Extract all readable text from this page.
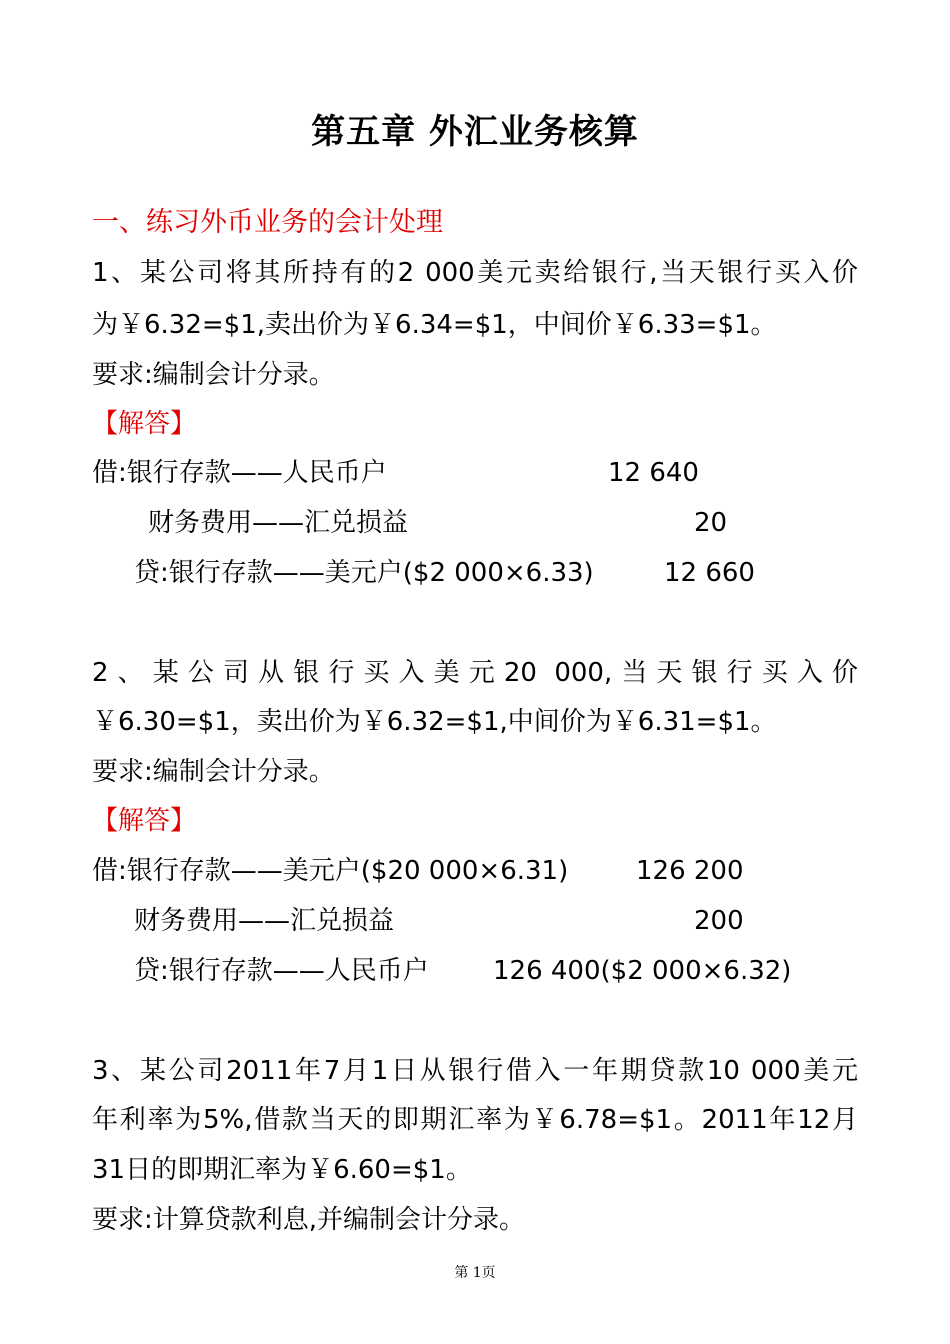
第五章 外汇业务核算
一、练习外币业务的会计处理
1、某公司将其所持有的2 000美元卖给银行,当天银行买入价
为￥6.32=$1,卖出价为￥6.34=$1，中间价￥6.33=$1。
要求:编制会计分录。
【解答】
借:银行存款——人民币户	12 640
财务费用——汇兑损益	20
贷:银行存款——美元户($2 000×6.33)	12 660
2、某公司从银行买入美元20 000,当天银行买入价
￥6.30=$1，卖出价为￥6.32=$1,中间价为￥6.31=$1。
要求:编制会计分录。
【解答】
借:银行存款——美元户($20 000×6.31)	126 200
财务费用——汇兑损益	200
贷:银行存款——人民币户 126 400($2 000×6.32)
3、某公司2011年7月1日从银行借入一年期贷款10 000美元
年利率为5%,借款当天的即期汇率为￥6.78=$1。2011年12月
31日的即期汇率为￥6.60=$1。
要求:计算贷款利息,并编制会计分录。
第 1页
